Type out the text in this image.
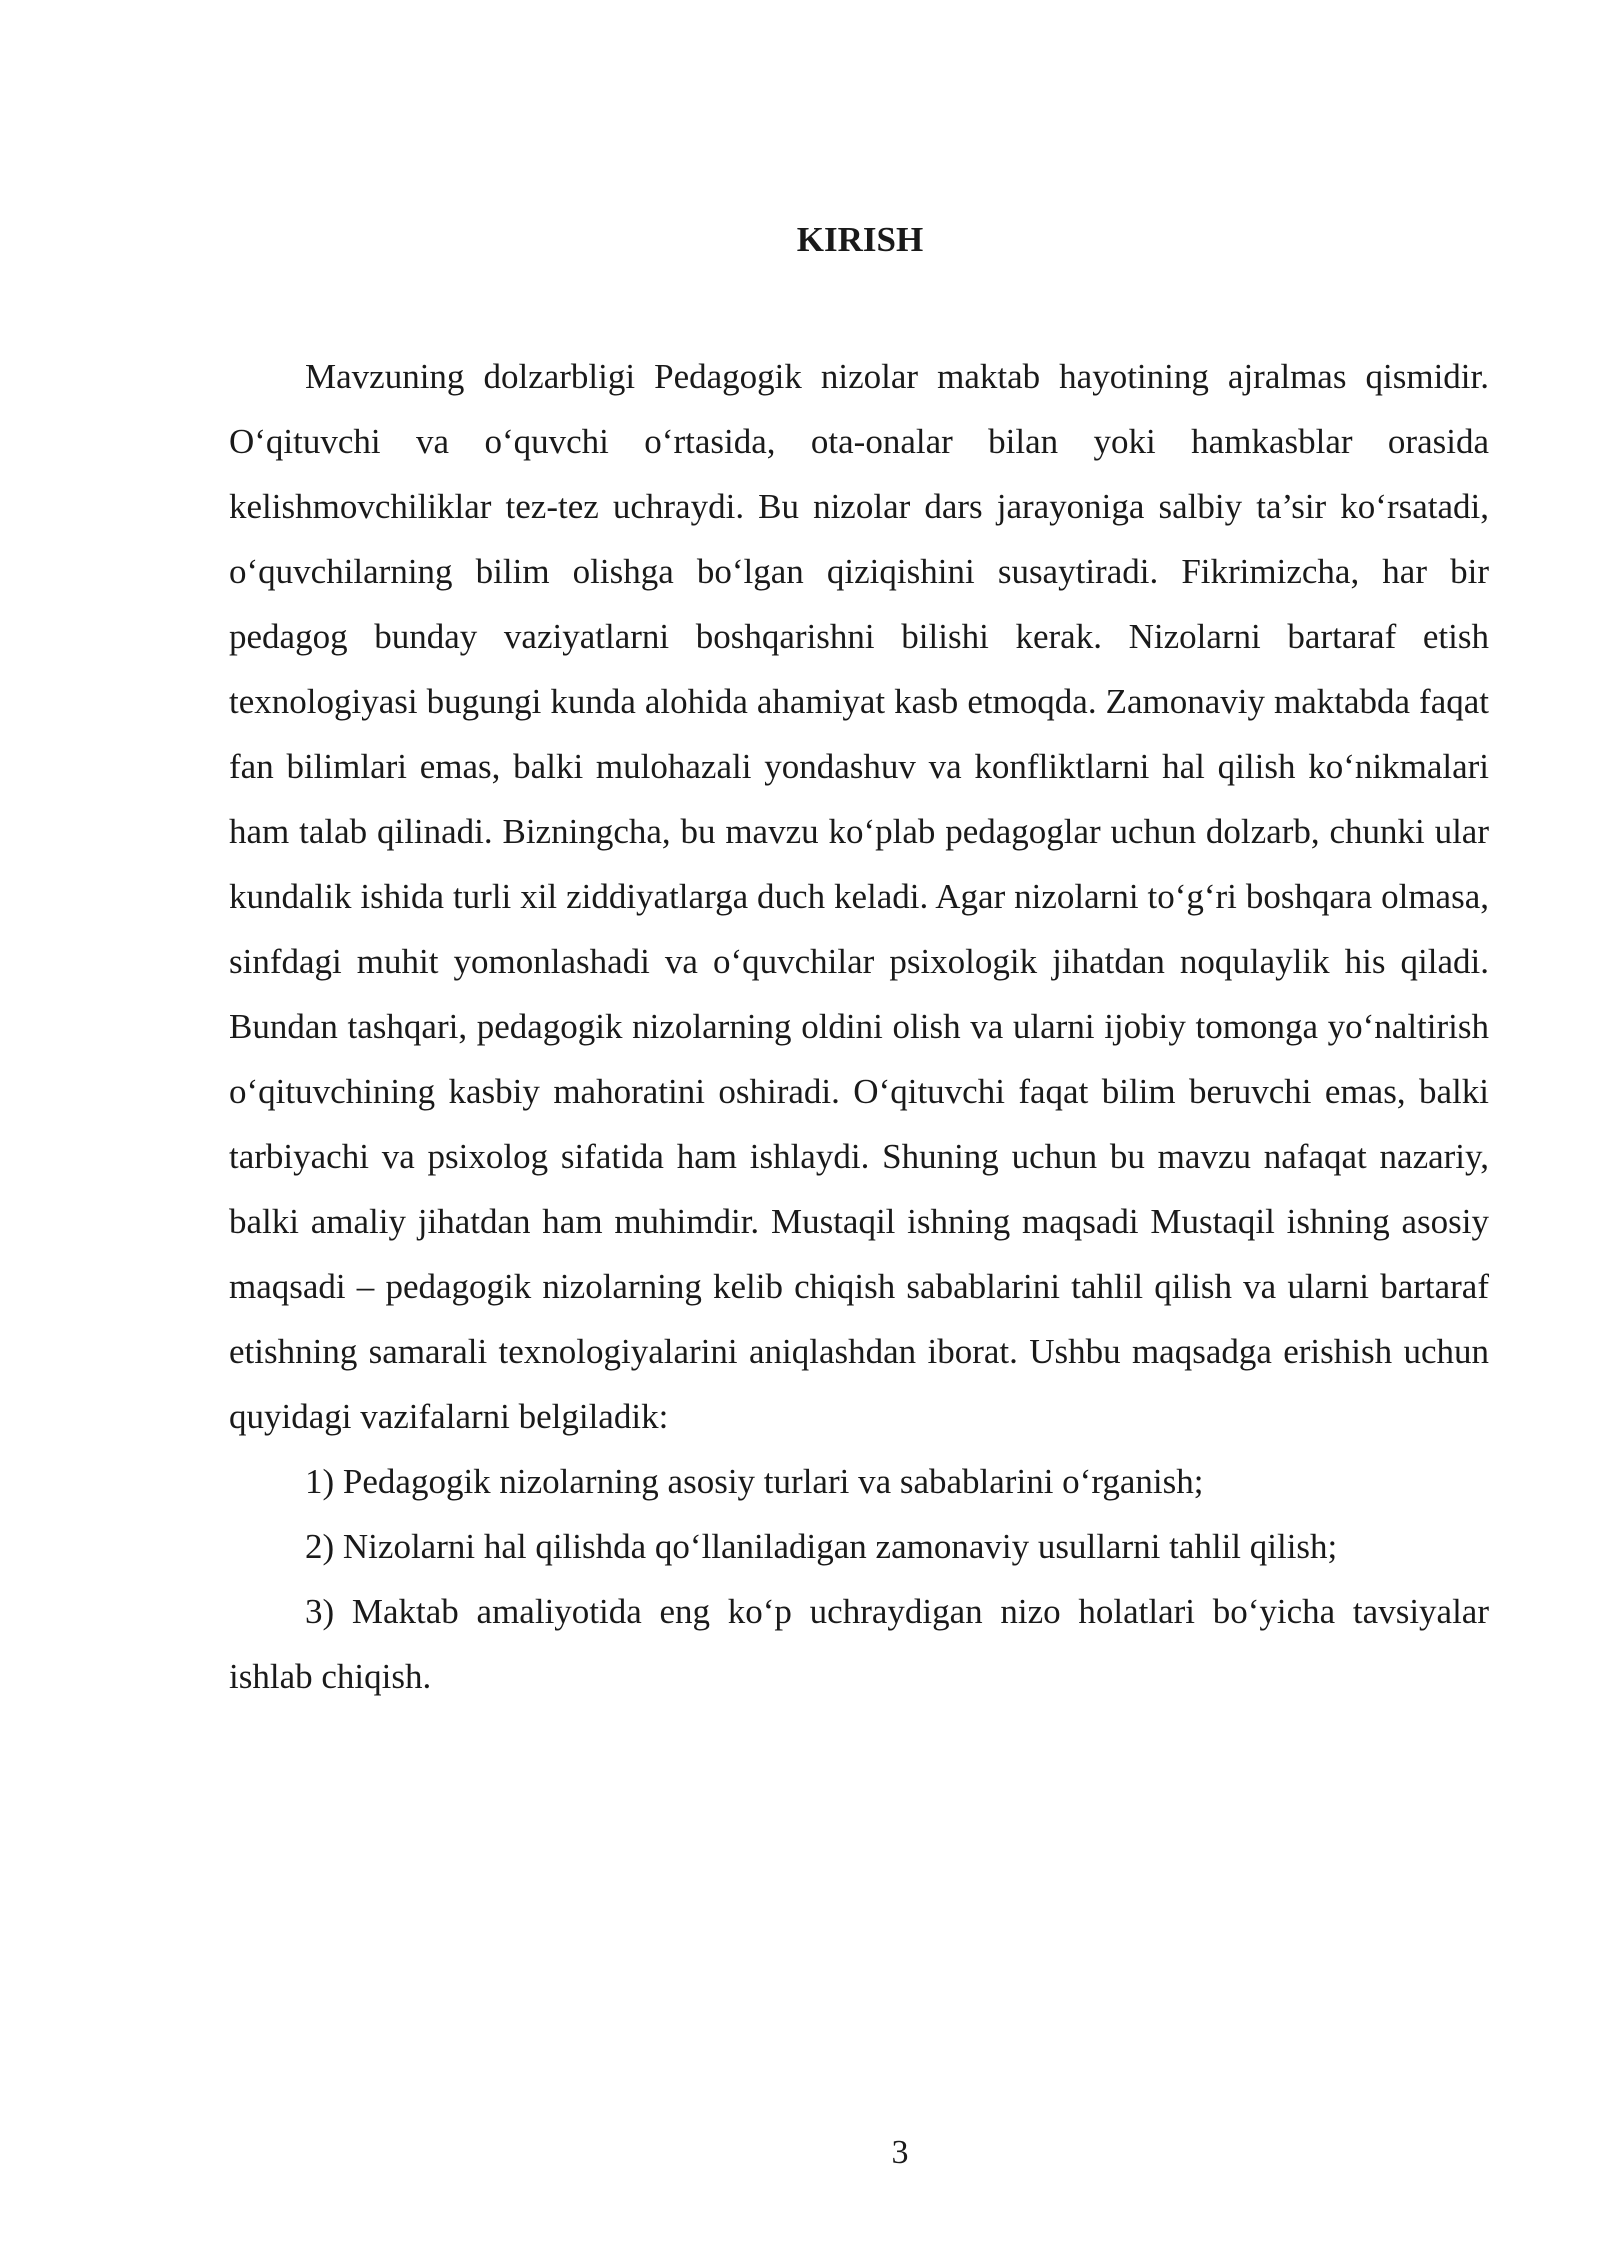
KIRISH

Mavzuning dolzarbligi Pedagogik nizolar maktab hayotining ajralmas qismidir. O‘qituvchi va o‘quvchi o‘rtasida, ota-onalar bilan yoki hamkasblar orasida kelishmovchiliklar tez-tez uchraydi. Bu nizolar dars jarayoniga salbiy ta’sir ko‘rsatadi, o‘quvchilarning bilim olishga bo‘lgan qiziqishini susaytiradi. Fikrimizcha, har bir pedagog bunday vaziyatlarni boshqarishni bilishi kerak. Nizolarni bartaraf etish texnologiyasi bugungi kunda alohida ahamiyat kasb etmoqda. Zamonaviy maktabda faqat fan bilimlari emas, balki mulohazali yondashuv va konfliktlarni hal qilish ko‘nikmalari ham talab qilinadi. Bizningcha, bu mavzu ko‘plab pedagoglar uchun dolzarb, chunki ular kundalik ishida turli xil ziddiyatlarga duch keladi. Agar nizolarni to‘g‘ri boshqara olmasa, sinfdagi muhit yomonlashadi va o‘quvchilar psixologik jihatdan noqulaylik his qiladi. Bundan tashqari, pedagogik nizolarning oldini olish va ularni ijobiy tomonga yo‘naltirish o‘qituvchining kasbiy mahoratini oshiradi. O‘qituvchi faqat bilim beruvchi emas, balki tarbiyachi va psixolog sifatida ham ishlaydi. Shuning uchun bu mavzu nafaqat nazariy, balki amaliy jihatdan ham muhimdir. Mustaqil ishning maqsadi Mustaqil ishning asosiy maqsadi – pedagogik nizolarning kelib chiqish sabablarini tahlil qilish va ularni bartaraf etishning samarali texnologiyalarini aniqlashdan iborat. Ushbu maqsadga erishish uchun quyidagi vazifalarni belgiladik:

1) Pedagogik nizolarning asosiy turlari va sabablarini o‘rganish;

2) Nizolarni hal qilishda qo‘llaniladigan zamonaviy usullarni tahlil qilish;

3) Maktab amaliyotida eng ko‘p uchraydigan nizo holatlari bo‘yicha tavsiyalar ishlab chiqish.

3
